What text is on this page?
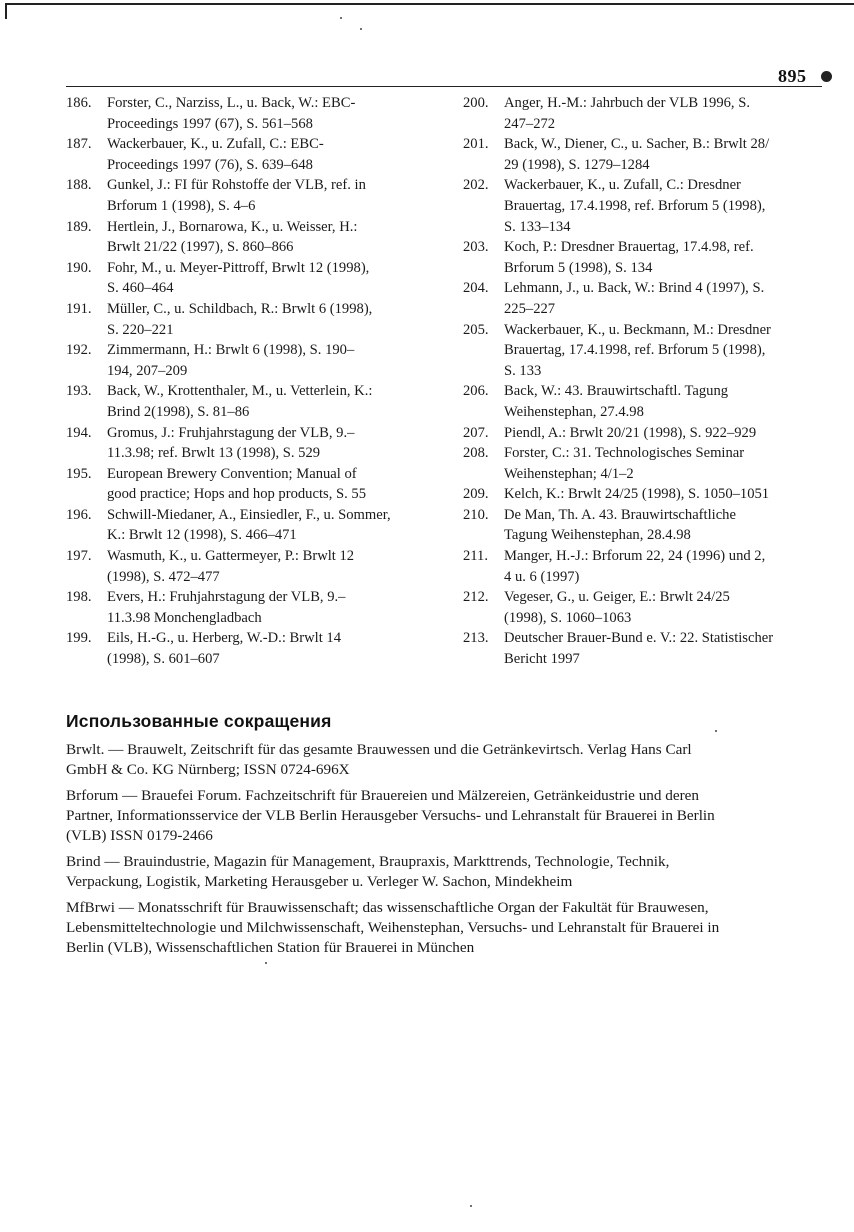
895
186.	Forster, C., Narziss, L., u. Back, W.: EBC-
Proceedings 1997 (67), S. 561–568
187.	Wackerbauer, K., u. Zufall, C.: EBC-
Proceedings 1997 (76), S. 639–648
188.	Gunkel, J.: FI für Rohstoffe der VLB, ref. in
Brforum 1 (1998), S. 4–6
189.	Hertlein, J., Bornarowa, K., u. Weisser, H.:
Brwlt 21/22 (1997), S. 860–866
190.	Fohr, M., u. Meyer-Pittroff, Brwlt 12 (1998),
S. 460–464
191.	Müller, C., u. Schildbach, R.: Brwlt 6 (1998),
S. 220–221
192.	Zimmermann, H.: Brwlt 6 (1998), S. 190–
194, 207–209
193.	Back, W., Krottenthaler, M., u. Vetterlein, K.:
Brind 2(1998), S. 81–86
194.	Gromus, J.: Fruhjahrstagung der VLB, 9.–
11.3.98; ref. Brwlt 13 (1998), S. 529
195.	European Brewery Convention; Manual of
good practice; Hops and hop products, S. 55
196.	Schwill-Miedaner, A., Einsiedler, F., u. Sommer,
K.: Brwlt 12 (1998), S. 466–471
197.	Wasmuth, K., u. Gattermeyer, P.: Brwlt 12
(1998), S. 472–477
198.	Evers, H.: Fruhjahrstagung der VLB, 9.–
11.3.98 Monchengladbach
199.	Eils, H.-G., u. Herberg, W.-D.: Brwlt 14
(1998), S. 601–607
200.	Anger, H.-M.: Jahrbuch der VLB 1996, S.
247–272
201.	Back, W., Diener, C., u. Sacher, B.: Brwlt 28/
29 (1998), S. 1279–1284
202.	Wackerbauer, K., u. Zufall, C.: Dresdner
Brauertag, 17.4.1998, ref. Brforum 5 (1998),
S. 133–134
203.	Koch, P.: Dresdner Brauertag, 17.4.98, ref.
Brforum 5 (1998), S. 134
204.	Lehmann, J., u. Back, W.: Brind 4 (1997), S.
225–227
205.	Wackerbauer, K., u. Beckmann, M.: Dresdner
Brauertag, 17.4.1998, ref. Brforum 5 (1998),
S. 133
206.	Back, W.: 43. Brauwirtschaftl. Tagung
Weihenstephan, 27.4.98
207.	Piendl, A.: Brwlt 20/21 (1998), S. 922–929
208.	Forster, C.: 31. Technologisches Seminar
Weihenstephan; 4/1–2
209.	Kelch, K.: Brwlt 24/25 (1998), S. 1050–1051
210.	De Man, Th. A. 43. Brauwirtschaftliche
Tagung Weihenstephan, 28.4.98
211.	Manger, H.-J.: Brforum 22, 24 (1996) und 2,
4 u. 6 (1997)
212.	Vegeser, G., u. Geiger, E.: Brwlt 24/25
(1998), S. 1060–1063
213.	Deutscher Brauer-Bund e. V.: 22. Statistischer
Bericht 1997
Использованные сокращения
Brwlt. — Brauwelt, Zeitschrift für das gesamte Brauwessen und die Getränkevirtsch. Verlag Hans Carl
GmbH & Co. KG Nürnberg; ISSN 0724-696X
Brforum — Brauefei Forum. Fachzeitschrift für Brauereien und Mälzereien, Getränkeidustrie und deren
Partner, Informationsservice der VLB Berlin Herausgeber Versuchs- und Lehranstalt für Brauerei in Berlin
(VLB) ISSN 0179-2466
Brind — Brauindustrie, Magazin für Management, Braupraxis, Markttrends, Technologie, Technik,
Verpackung, Logistik, Marketing Herausgeber u. Verleger W. Sachon, Mindekheim
MfBrwi — Monatsschrift für Brauwissenschaft; das wissenschaftliche Organ der Fakultät für Brauwesen,
Lebensmitteltechnologie und Milchwissenschaft, Weihenstephan, Versuchs- und Lehranstalt für Brauerei in
Berlin (VLB), Wissenschaftlichen Station für Brauerei in München
